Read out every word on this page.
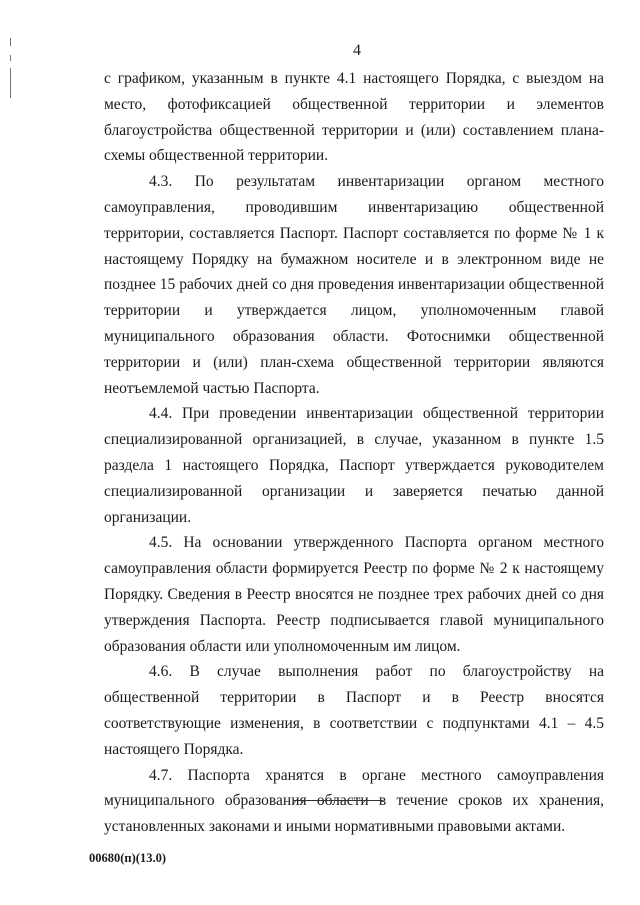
4

с графиком, указанным в пункте 4.1 настоящего Порядка, с выездом на место, фотофиксацией общественной территории и элементов благоустройства общественной территории и (или) составлением плана-схемы общественной территории.

4.3. По результатам инвентаризации органом местного самоуправления, проводившим инвентаризацию общественной территории, составляется Паспорт. Паспорт составляется по форме № 1 к настоящему Порядку на бумажном носителе и в электронном виде не позднее 15 рабочих дней со дня проведения инвентаризации общественной территории и утверждается лицом, уполномоченным главой муниципального образования области. Фотоснимки общественной территории и (или) план-схема общественной территории являются неотъемлемой частью Паспорта.

4.4. При проведении инвентаризации общественной территории специализированной организацией, в случае, указанном в пункте 1.5 раздела 1 настоящего Порядка, Паспорт утверждается руководителем специализированной организации и заверяется печатью данной организации.

4.5. На основании утвержденного Паспорта органом местного самоуправления области формируется Реестр по форме № 2 к настоящему Порядку. Сведения в Реестр вносятся не позднее трех рабочих дней со дня утверждения Паспорта. Реестр подписывается главой муниципального образования области или уполномоченным им лицом.

4.6. В случае выполнения работ по благоустройству на общественной территории в Паспорт и в Реестр вносятся соответствующие изменения, в соответствии с подпунктами 4.1 – 4.5 настоящего Порядка.

4.7. Паспорта хранятся в органе местного самоуправления муниципального образования области в течение сроков их хранения, установленных законами и иными нормативными правовыми актами.

00680(п)(13.0)
